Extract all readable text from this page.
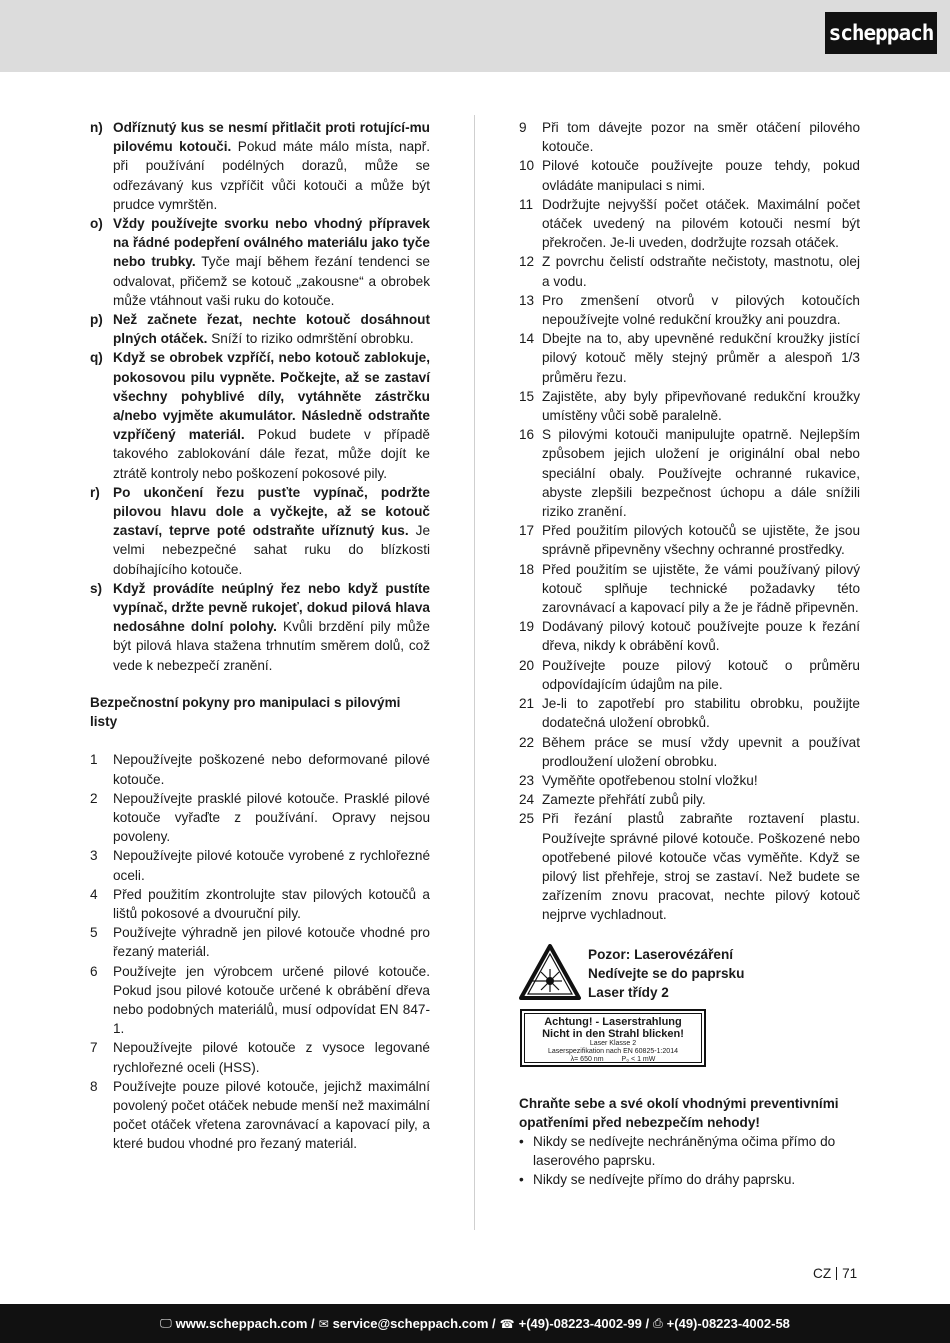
scheppach
n) Odříznutý kus se nesmí přitlačit proti rotující-mu pilovému kotouči. Pokud máte málo místa, např. při používání podélných dorazů, může se odřezávaný kus vzpříčit vůči kotouči a může být prudce vymrštěn.
o) Vždy používejte svorku nebo vhodný přípravek na řádné podepření oválného materiálu jako tyče nebo trubky. Tyče mají během řezání tendenci se odvalovat, přičemž se kotouč „zakousne“ a obrobek může vtáhnout vaši ruku do kotouče.
p) Než začnete řezat, nechte kotouč dosáhnout plných otáček. Sníží to riziko odmrštění obrobku.
q) Když se obrobek vzpříčí, nebo kotouč zablokuje, pokosovou pilu vypněte. Počkejte, až se zastaví všechny pohyblivé díly, vytáhněte zástrčku a/nebo vyjměte akumulátor. Následně odstraňte vzpříčený materiál. Pokud budete v případě takového zablokování dále řezat, může dojít ke ztrátě kontroly nebo poškození pokosové pily.
r) Po ukončení řezu pusťte vypínač, podržte pilovou hlavu dole a vyčkejte, až se kotouč zastaví, teprve poté odstraňte uříznutý kus. Je velmi nebezpečné sahat ruku do blízkosti dobíhajícího kotouče.
s) Když provádíte neúplný řez nebo když pustíte vypínač, držte pevně rukojeť, dokud pilová hlava nedosáhne dolní polohy. Kvůli brzdění pily může být pilová hlava stažena trhnutím směrem dolů, což vede k nebezpečí zranění.
Bezpečnostní pokyny pro manipulaci s pilovými listy
1 Nepoužívejte poškozené nebo deformované pilové kotouče.
2 Nepoužívejte prasklé pilové kotouče. Prasklé pilové kotouče vyřaďte z používání. Opravy nejsou povoleny.
3 Nepoužívejte pilové kotouče vyrobené z rychlořezné oceli.
4 Před použitím zkontrolujte stav pilových kotoučů a lištů pokosové a dvouruční pily.
5 Používejte výhradně jen pilové kotouče vhodné pro řezaný materiál.
6 Používejte jen výrobcem určené pilové kotouče. Pokud jsou pilové kotouče určené k obrábění dřeva nebo podobných materiálů, musí odpovídat EN 847-1.
7 Nepoužívejte pilové kotouče z vysoce legované rychlořezné oceli (HSS).
8 Používejte pouze pilové kotouče, jejichž maximální povolený počet otáček nebude menší než maximální počet otáček vřetena zarovnávací a kapovací pily, a které budou vhodné pro řezaný materiál.
9 Při tom dávejte pozor na směr otáčení pilového kotouče.
10 Pilové kotouče používejte pouze tehdy, pokud ovládáte manipulaci s nimi.
11 Dodržujte nejvyšší počet otáček. Maximální počet otáček uvedený na pilovém kotouči nesmí být překročen. Je-li uveden, dodržujte rozsah otáček.
12 Z povrchu čelistí odstraňte nečistoty, mastnotu, olej a vodu.
13 Pro zmenšení otvorů v pilových kotoučích nepoužívejte volné redukční kroužky ani pouzdra.
14 Dbejte na to, aby upevněné redukční kroužky jistící pilový kotouč měly stejný průměr a alespoň 1/3 průměru řezu.
15 Zajistěte, aby byly připevňované redukční kroužky umístěny vůči sobě paralelně.
16 S pilovými kotouči manipulujte opatrně. Nejlepším způsobem jejich uložení je originální obal nebo speciální obaly. Používejte ochranné rukavice, abyste zlepšili bezpečnost úchopu a dále snížili riziko zranění.
17 Před použitím pilových kotoučů se ujistěte, že jsou správně připevněny všechny ochranné prostředky.
18 Před použitím se ujistěte, že vámi používaný pilový kotouč splňuje technické požadavky této zarovnávací a kapovací pily a že je řádně připevněn.
19 Dodávaný pilový kotouč používejte pouze k řezání dřeva, nikdy k obrábění kovů.
20 Používejte pouze pilový kotouč o průměru odpovídajícím údajům na pile.
21 Je-li to zapotřebí pro stabilitu obrobku, použijte dodatečná uložení obrobků.
22 Během práce se musí vždy upevnit a používat prodloužení uložení obrobku.
23 Vyměňte opotřebenou stolní vložku!
24 Zamezte přehřátí zubů pily.
25 Při řezání plastů zabraňte roztavení plastu. Používejte správné pilové kotouče. Poškozené nebo opotřebené pilové kotouče včas vyměňte. Když se pilový list přehřeje, stroj se zastaví. Než budete se zařízením znovu pracovat, nechte pilový kotouč nejprve vychladnout.
Pozor: Laserovézáření
Nedívejte se do paprsku
Laser třídy 2
Achtung! - Laserstrahlung
Nicht in den Strahl blicken!
Laser Klasse 2
Laserspezifikation nach EN 60825-1:2014
λ= 650 nm	P₀ < 1 mW
Chraňte sebe a své okolí vhodnými preventivními opatřeními před nebezpečím nehody!
• Nikdy se nedívejte nechráněnýma očima přímo do laserového paprsku.
• Nikdy se nedívejte přímo do dráhy paprsku.
CZ 71
🖵 www.scheppach.com / ✉ service@scheppach.com / ☎ +(49)-08223-4002-99 / ⎙ +(49)-08223-4002-58
